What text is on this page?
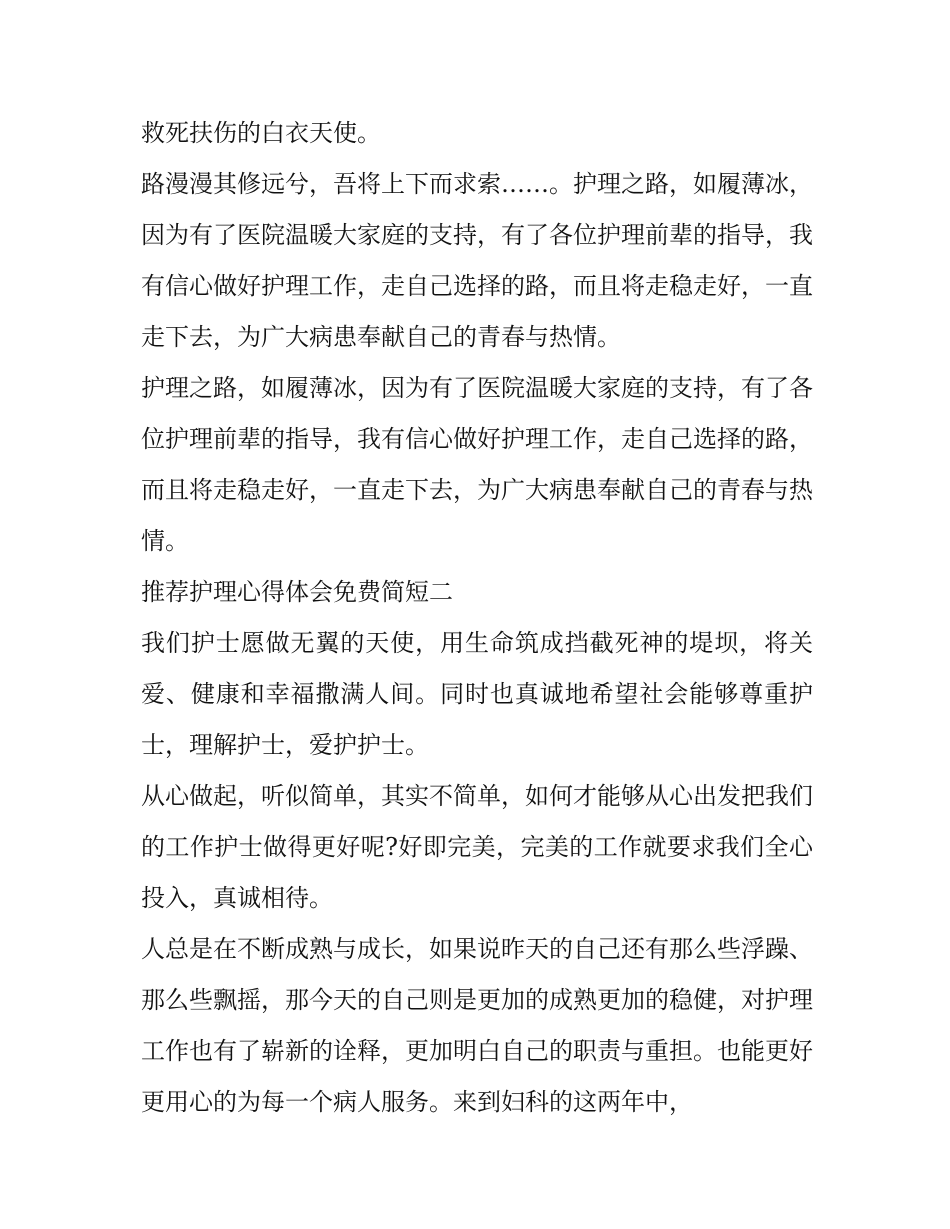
救死扶伤的白衣天使。

路漫漫其修远兮，吾将上下而求索……。护理之路，如履薄冰，因为有了医院温暖大家庭的支持，有了各位护理前辈的指导，我有信心做好护理工作，走自己选择的路，而且将走稳走好，一直走下去，为广大病患奉献自己的青春与热情。

护理之路，如履薄冰，因为有了医院温暖大家庭的支持，有了各位护理前辈的指导，我有信心做好护理工作，走自己选择的路，而且将走稳走好，一直走下去，为广大病患奉献自己的青春与热情。

推荐护理心得体会免费简短二

我们护士愿做无翼的天使，用生命筑成挡截死神的堤坝，将关爱、健康和幸福撒满人间。同时也真诚地希望社会能够尊重护士，理解护士，爱护护士。

从心做起，听似简单，其实不简单，如何才能够从心出发把我们的工作护士做得更好呢?好即完美，完美的工作就要求我们全心投入，真诚相待。

人总是在不断成熟与成长，如果说昨天的自己还有那么些浮躁、那么些飘摇，那今天的自己则是更加的成熟更加的稳健，对护理工作也有了崭新的诠释，更加明白自己的职责与重担。也能更好更用心的为每一个病人服务。来到妇科的这两年中，
